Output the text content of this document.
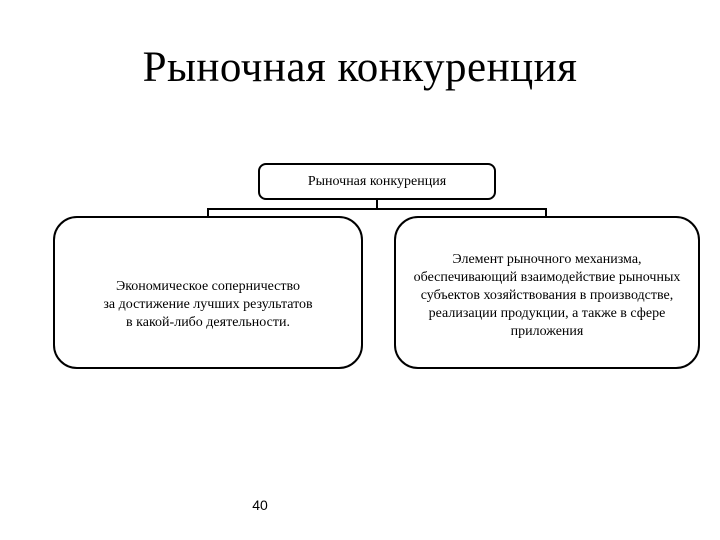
Рыночная конкуренция
Рыночная конкуренция
Экономическое соперничество
за достижение лучших результатов
в какой-либо деятельности.
Элемент рыночного механизма,
обеспечивающий взаимодействие рыночных
субъектов хозяйствования в производстве,
реализации продукции, а также в сфере
приложения
40
